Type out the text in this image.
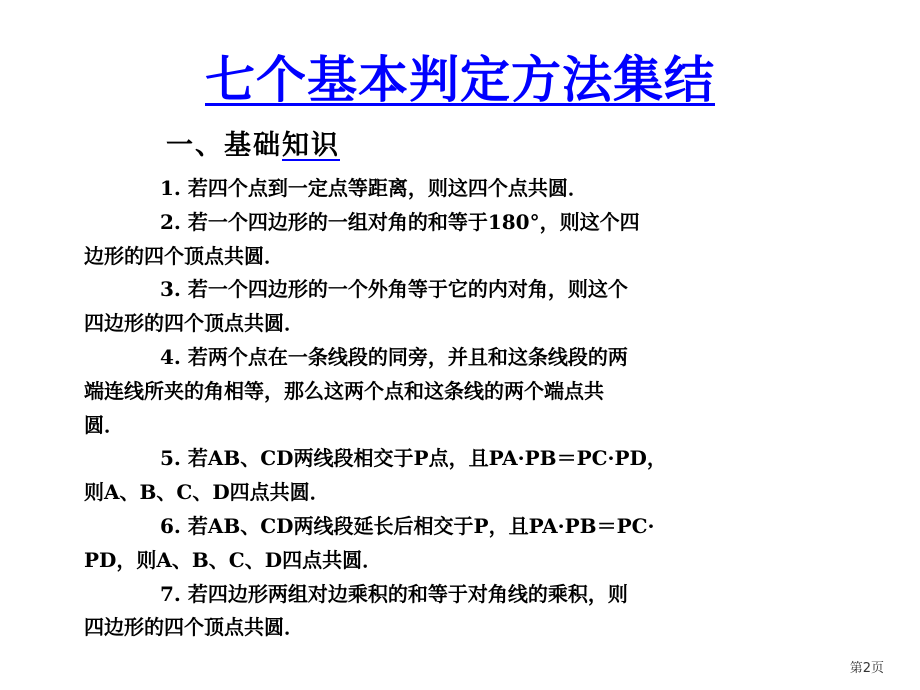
七个基本判定方法集结
一、基础知识
1. 若四个点到一定点等距离，则这四个点共圆．
2. 若一个四边形的一组对角的和等于180°，则这个四
边形的四个顶点共圆．
3. 若一个四边形的一个外角等于它的内对角，则这个
四边形的四个顶点共圆．
4. 若两个点在一条线段的同旁，并且和这条线段的两
端连线所夹的角相等，那么这两个点和这条线的两个端点共
圆．
5. 若AB、CD两线段相交于P点，且PA·PB＝PC·PD，
则A、B、C、D四点共圆．
6. 若AB、CD两线段延长后相交于P，且PA·PB＝PC·
PD，则A、B、C、D四点共圆．
7. 若四边形两组对边乘积的和等于对角线的乘积，则
四边形的四个顶点共圆．
第2页
